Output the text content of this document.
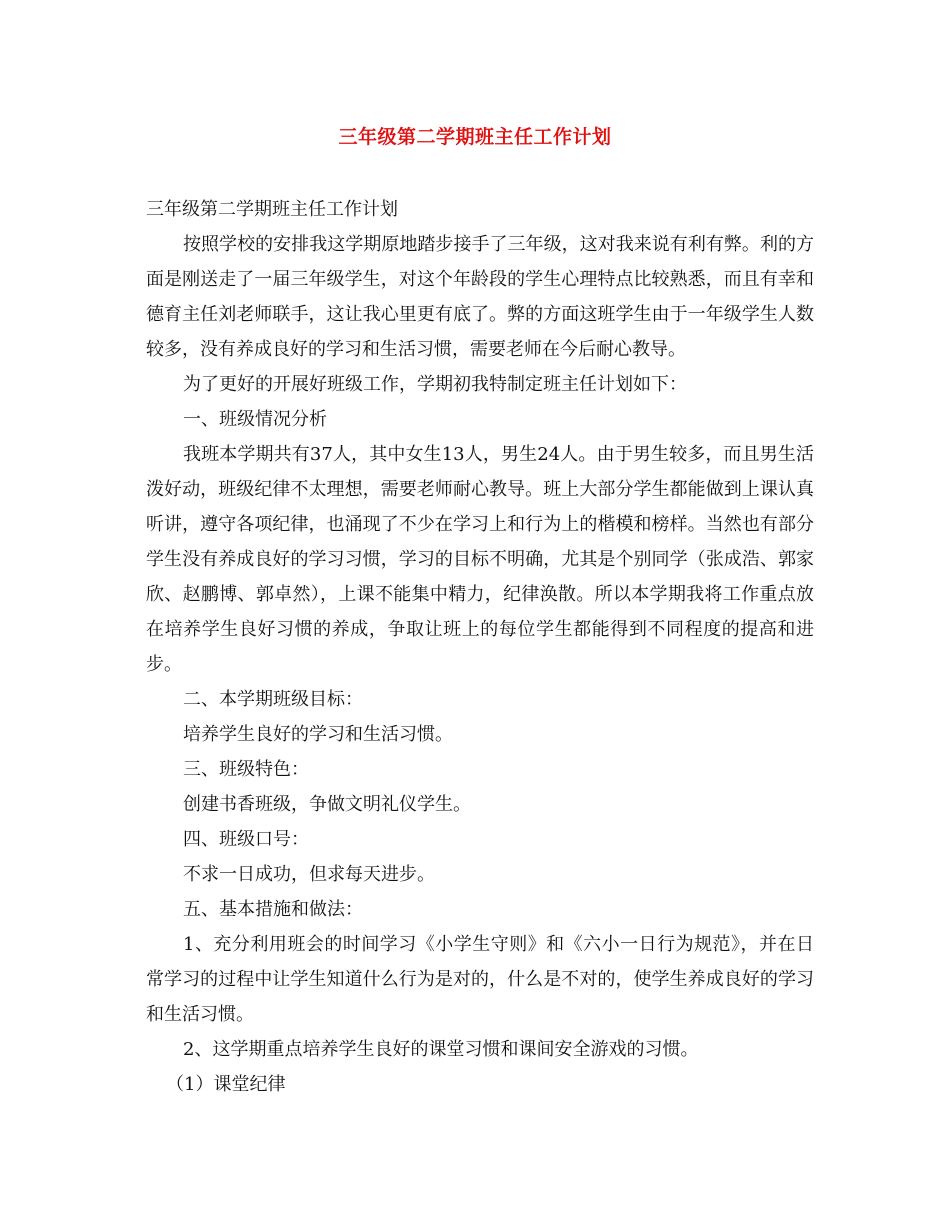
三年级第二学期班主任工作计划

三年级第二学期班主任工作计划

按照学校的安排我这学期原地踏步接手了三年级，这对我来说有利有弊。利的方面是刚送走了一届三年级学生，对这个年龄段的学生心理特点比较熟悉，而且有幸和德育主任刘老师联手，这让我心里更有底了。弊的方面这班学生由于一年级学生人数较多，没有养成良好的学习和生活习惯，需要老师在今后耐心教导。

为了更好的开展好班级工作，学期初我特制定班主任计划如下：

一、班级情况分析

我班本学期共有37人，其中女生13人，男生24人。由于男生较多，而且男生活泼好动，班级纪律不太理想，需要老师耐心教导。班上大部分学生都能做到上课认真听讲，遵守各项纪律，也涌现了不少在学习上和行为上的楷模和榜样。当然也有部分学生没有养成良好的学习习惯，学习的目标不明确，尤其是个别同学（张成浩、郭家欣、赵鹏博、郭卓然），上课不能集中精力，纪律涣散。所以本学期我将工作重点放在培养学生良好习惯的养成，争取让班上的每位学生都能得到不同程度的提高和进步。

二、本学期班级目标：

培养学生良好的学习和生活习惯。

三、班级特色：

创建书香班级，争做文明礼仪学生。

四、班级口号：

不求一日成功，但求每天进步。

五、基本措施和做法：

1、充分利用班会的时间学习《小学生守则》和《六小一日行为规范》，并在日常学习的过程中让学生知道什么行为是对的，什么是不对的，使学生养成良好的学习和生活习惯。

2、这学期重点培养学生良好的课堂习惯和课间安全游戏的习惯。

（1）课堂纪律
